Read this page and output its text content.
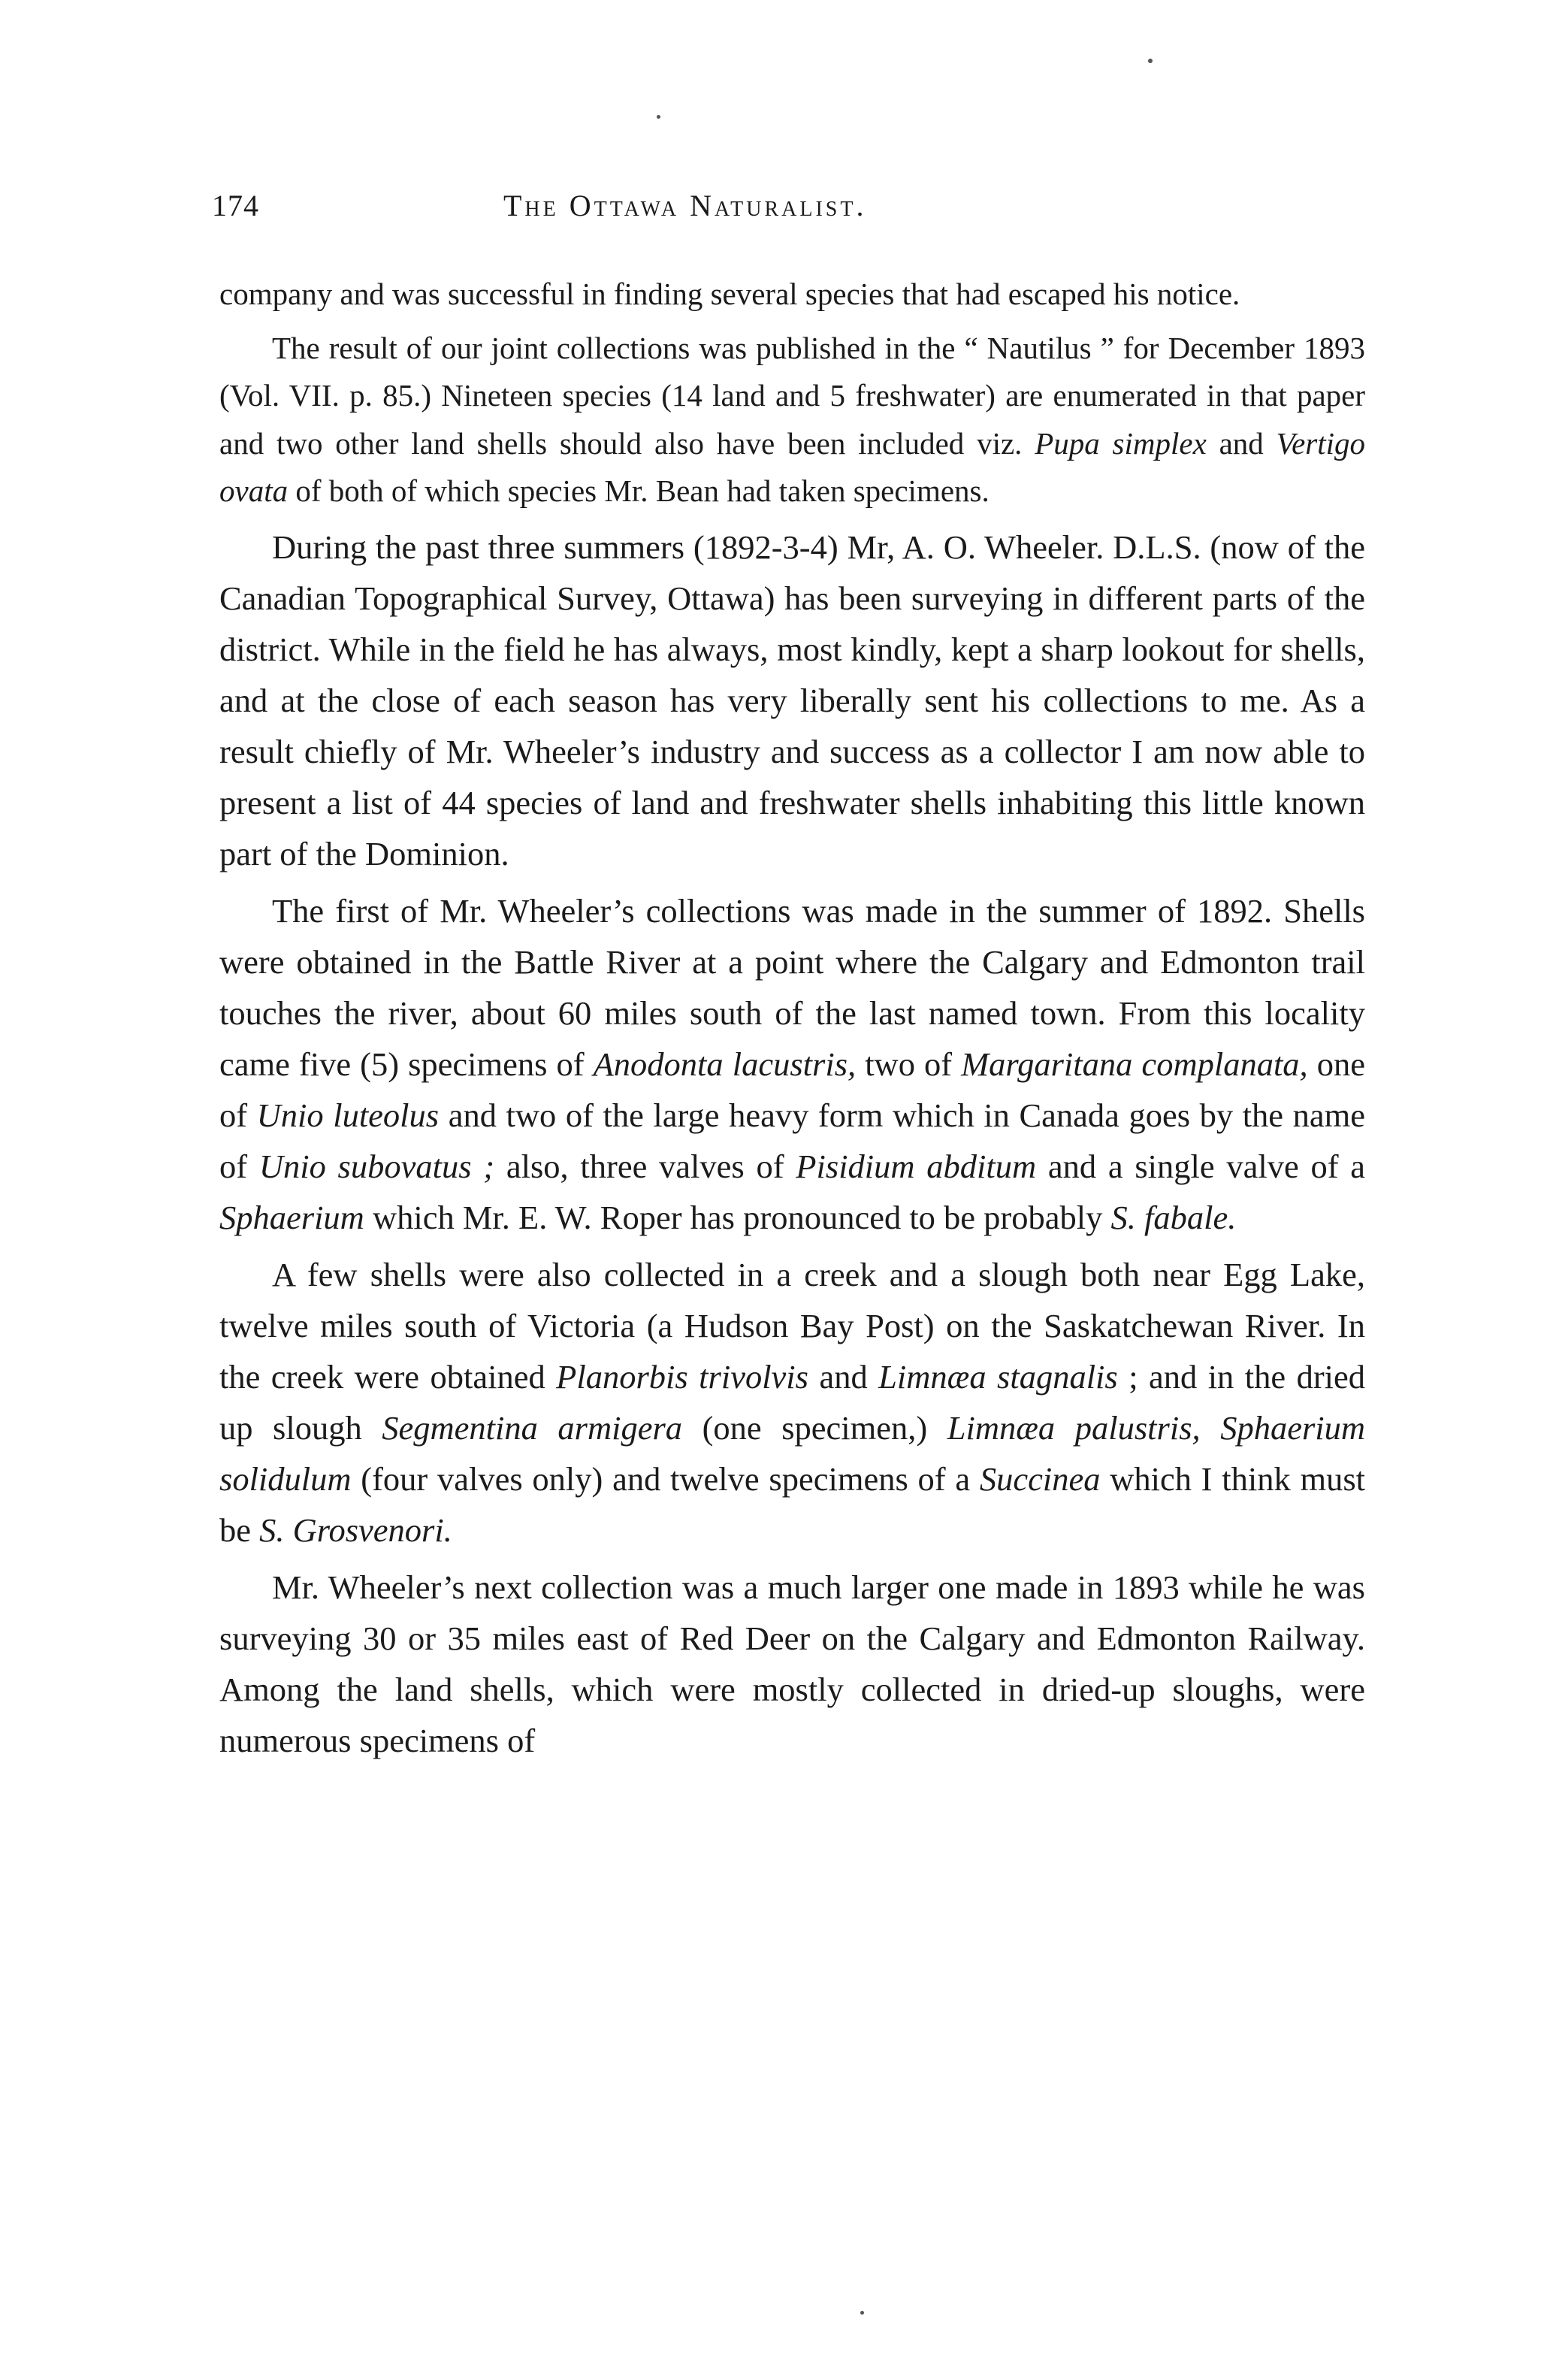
174	The Ottawa Naturalist.

company and was successful in finding several species that had escaped his notice.

The result of our joint collections was published in the “ Nautilus ” for December 1893 (Vol. VII. p. 85.) Nineteen species (14 land and 5 freshwater) are enumerated in that paper and two other land shells should also have been included viz. Pupa simplex and Vertigo ovata of both of which species Mr. Bean had taken specimens.

During the past three summers (1892-3-4) Mr, A. O. Wheeler. D.L.S. (now of the Canadian Topographical Survey, Ottawa) has been surveying in different parts of the district. While in the field he has always, most kindly, kept a sharp lookout for shells, and at the close of each season has very liberally sent his collections to me. As a result chiefly of Mr. Wheeler’s industry and success as a collector I am now able to present a list of 44 species of land and freshwater shells inhabiting this little known part of the Dominion.

The first of Mr. Wheeler’s collections was made in the summer of 1892. Shells were obtained in the Battle River at a point where the Calgary and Edmonton trail touches the river, about 60 miles south of the last named town. From this locality came five (5) specimens of Anodonta lacustris, two of Margaritana complanata, one of Unio luteolus and two of the large heavy form which in Canada goes by the name of Unio subovatus ; also, three valves of Pisidium abditum and a single valve of a Sphaerium which Mr. E. W. Roper has pronounced to be probably S. fabale.

A few shells were also collected in a creek and a slough both near Egg Lake, twelve miles south of Victoria (a Hudson Bay Post) on the Saskatchewan River. In the creek were obtained Planorbis trivolvis and Limnæa stagnalis ; and in the dried up slough Segmentina armigera (one specimen,) Limnæa palustris, Sphaerium solidulum (four valves only) and twelve specimens of a Succinea which I think must be S. Grosvenori.

Mr. Wheeler’s next collection was a much larger one made in 1893 while he was surveying 30 or 35 miles east of Red Deer on the Calgary and Edmonton Railway. Among the land shells, which were mostly collected in dried-up sloughs, were numerous specimens of
